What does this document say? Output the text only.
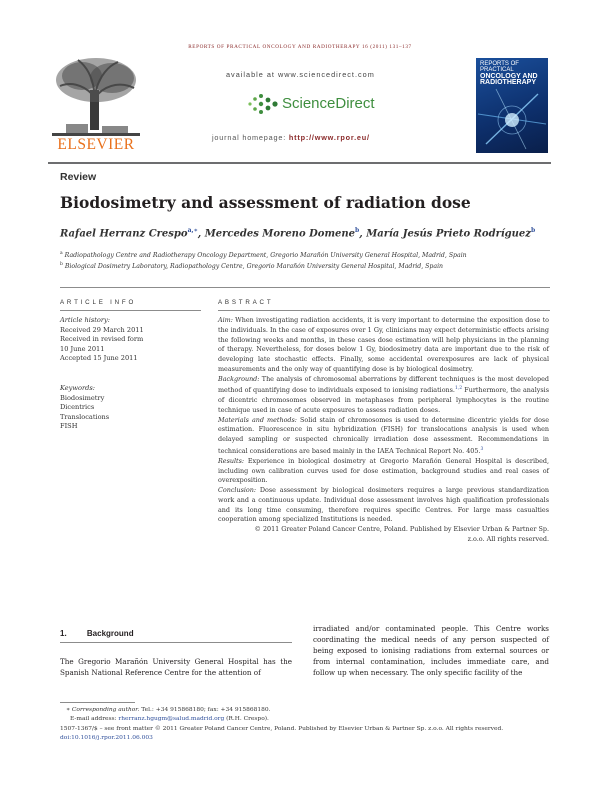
REPORTS OF PRACTICAL ONCOLOGY AND RADIOTHERAPY 16 (2011) 131–137
ELSEVIER
available at www.sciencedirect.com
ScienceDirect
journal homepage: http://www.rpor.eu/
REPORTS OF PRACTICAL
ONCOLOGY AND
RADIOTHERAPY
Review
Biodosimetry and assessment of radiation dose
Rafael Herranz Crespo$^{a,∗}$, Mercedes Moreno Domene$^b$, María Jesús Prieto Rodríguez$^b$
$^a$ Radiopathology Centre and Radiotherapy Oncology Department, Gregorio Marañón University General Hospital, Madrid, Spain
$^b$ Biological Dosimetry Laboratory, Radiopathology Centre, Gregorio Marañón University General Hospital, Madrid, Spain
ARTICLE INFO	ABSTRACT
Article history:
Received 29 March 2011
Received in revised form
10 June 2011
Accepted 15 June 2011
Keywords:
Biodosimetry
Dicentrics
Translocations
FISH

Aim: When investigating radiation accidents, it is very important to determine the exposition dose to the individuals. In the case of exposures over 1 Gy, clinicians may expect deterministic effects arising the following weeks and months, in these cases dose estimation will help physicians in the planning of therapy. Nevertheless, for doses below 1 Gy, biodosimetry data are important due to the risk of developing late stochastic effects. Finally, some accidental overexposures are lack of physical measurements and the only way of quantifying dose is by biological dosimetry.

Background: The analysis of chromosomal aberrations by different techniques is the most developed method of quantifying dose to individuals exposed to ionising radiations.$^{1,2}$ Furthermore, the analysis of dicentric chromosomes observed in metaphases from peripheral lymphocytes is the routine technique used in case of acute exposures to assess radiation doses.

Materials and methods: Solid stain of chromosomes is used to determine dicentric yields for dose estimation. Fluorescence in situ hybridization (FISH) for translocations analysis is used when delayed sampling or suspected chronically irradiation dose assessment. Recommendations in technical considerations are based mainly in the IAEA Technical Report No. 405.$^3$

Results: Experience in biological dosimetry at Gregorio Marañón General Hospital is described, including own calibration curves used for dose estimation, background studies and real cases of overexposition.

Conclusion: Dose assessment by biological dosimeters requires a large previous standardization work and a continuous update. Individual dose assessment involves high qualification professionals and its long time consuming, therefore requires specific Centres. For large mass casualties cooperation among specialized Institutions is needed.

© 2011 Greater Poland Cancer Centre, Poland. Published by Elsevier Urban & Partner Sp.

z.o.o. All rights reserved.

1.	Background
The Gregorio Marañón University General Hospital has the Spanish National Reference Centre for the attention of
irradiated and/or contaminated people. This Centre works coordinating the medical needs of any person suspected of being exposed to ionising radiations from external sources or from internal contamination, includes immediate care, and follow up when necessary. The only specific facility of the
∗ Corresponding author. Tel.: +34 915868180; fax: +34 915868180.
E-mail address: rherranz.hgugm@salud.madrid.org (R.H. Crespo).
1507-1367/$ – see front matter © 2011 Greater Poland Cancer Centre, Poland. Published by Elsevier Urban & Partner Sp. z.o.o. All rights reserved.
doi:10.1016/j.rpor.2011.06.003
